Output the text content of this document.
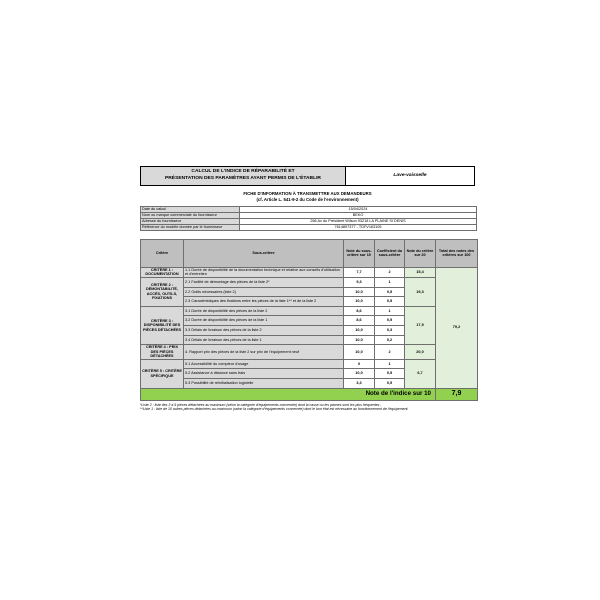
CALCUL DE L'INDICE DE RÉPARABILITÉ ET
PRÉSENTATION DES PARAMÈTRES AYANT PERMIS DE L'ÉTABLIR	Lave-vaisselle
FICHE D'INFORMATION À TRANSMETTRE AUX DEMANDEURS
(cf. Article L. 541-9-2 du Code de l'environnement)
Date du calcul	15/04/2024
Nom ou marque commerciale du fournisseur	BEKO
Adresse du fournisseur	266 Av du Président Wilson 93218 LA PLAINE SI DENIS
Référence du modèle donnée par le fournisseur	7614897377 - TDFV163105
Critère	Sous-critère	Note du sous-critère sur 10	Coefficient du sous-critère	Note du critère sur 20	Total des notes des critères sur 100
CRITÈRE 1 : DOCUMENTATION	1.1 Durée de disponibilité de la documentation technique et relative aux conseils d'utilisation et d'entretien	7,7	2	15,4	79,2
CRITÈRE 2 : DÉMONTABILITÉ, ACCÈS, OUTILS, FIXATIONS	2.1 Facilité de démontage des pièces de la liste 2*	9,3	1	19,3	
	2.2 Outils nécessaires (liste 2)	10,0	0,5		
	2.3 Caractéristiques des fixations entre les pièces de la liste 1** et de la liste 2	10,0	0,5		
CRITÈRE 3 : DISPONIBILITÉ DES PIÈCES DÉTACHÉES	3.1 Durée de disponibilité des pièces de la liste 2	8,6	1	17,9	
	3.2 Durée de disponibilité des pièces de la liste 1	8,6	0,5		
	3.3 Délais de livraison des pièces de la liste 2	10,0	0,3		
	3.4 Délais de livraison des pièces de la liste 1	10,0	0,2		
CRITÈRE 4 : PRIX DES PIÈCES DÉTACHÉES	4. Rapport prix des pièces de la liste 2 sur prix de l'équipement neuf	10,0	2	20,0	
CRITÈRE 5 : CRITÈRE SPÉCIFIQUE	5.1 Accessibilité du compteur d'usage	0	1	6,7	
	5.2 Assistance à distance sans frais	10,0	0,5		
	5.3 Possibilité de réinitialisation logicielle	3,3	0,5		
Note de l'indice sur 10					7,9
*Liste 2 : liste des 3 à 5 pièces détachées au maximum (selon la catégorie d'équipements concernée) dont la casse ou les pannes sont les plus fréquentes ;
**Liste 1 : liste de 10 autres pièces détachées au maximum (selon la catégorie d'équipements concernée) dont le bon état est nécessaire au fonctionnement de l'équipement.
